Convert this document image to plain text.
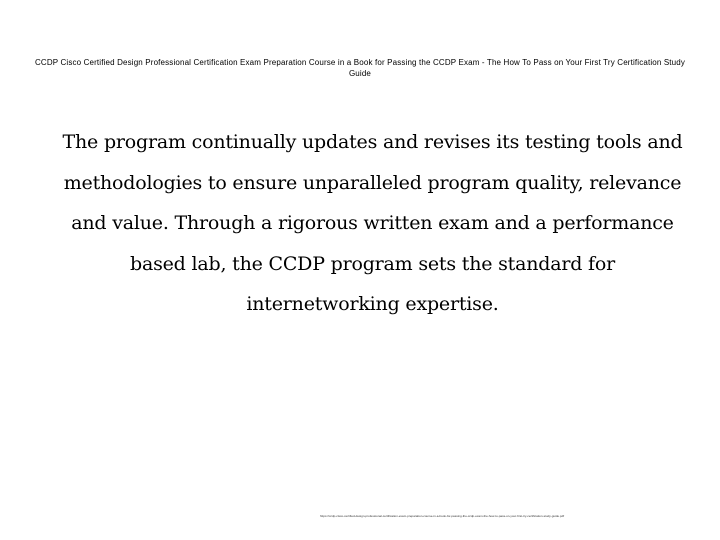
CCDP Cisco Certified Design Professional Certification Exam Preparation Course in a Book for Passing the CCDP Exam - The How To Pass on Your First Try Certification Study Guide
The program continually updates and revises its testing tools and methodologies to ensure unparalleled program quality, relevance and value. Through a rigorous written exam and a performance based lab, the CCDP program sets the standard for internetworking expertise.
https://ccdp-cisco-certified-design-professional-certification-exam-preparation-course-in-a-book-for-passing-the-ccdp-exam-the-how-to-pass-on-your-first-try-certification-study-guide.pdf
